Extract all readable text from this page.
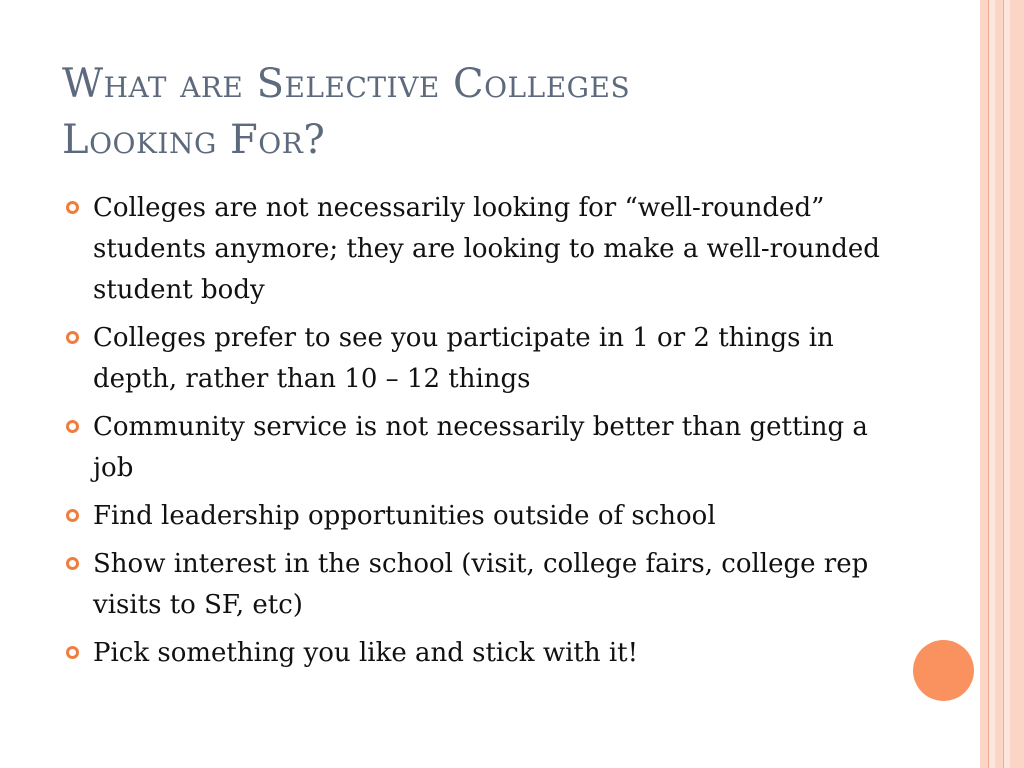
What are Selective Colleges
Looking For?
Colleges are not necessarily looking for “well-rounded” students anymore; they are looking to make a well-rounded student body
Colleges prefer to see you participate in 1 or 2 things in depth, rather than 10 – 12 things
Community service is not necessarily better than getting a job
Find leadership opportunities outside of school
Show interest in the school (visit, college fairs, college rep visits to SF, etc)
Pick something you like and stick with it!
